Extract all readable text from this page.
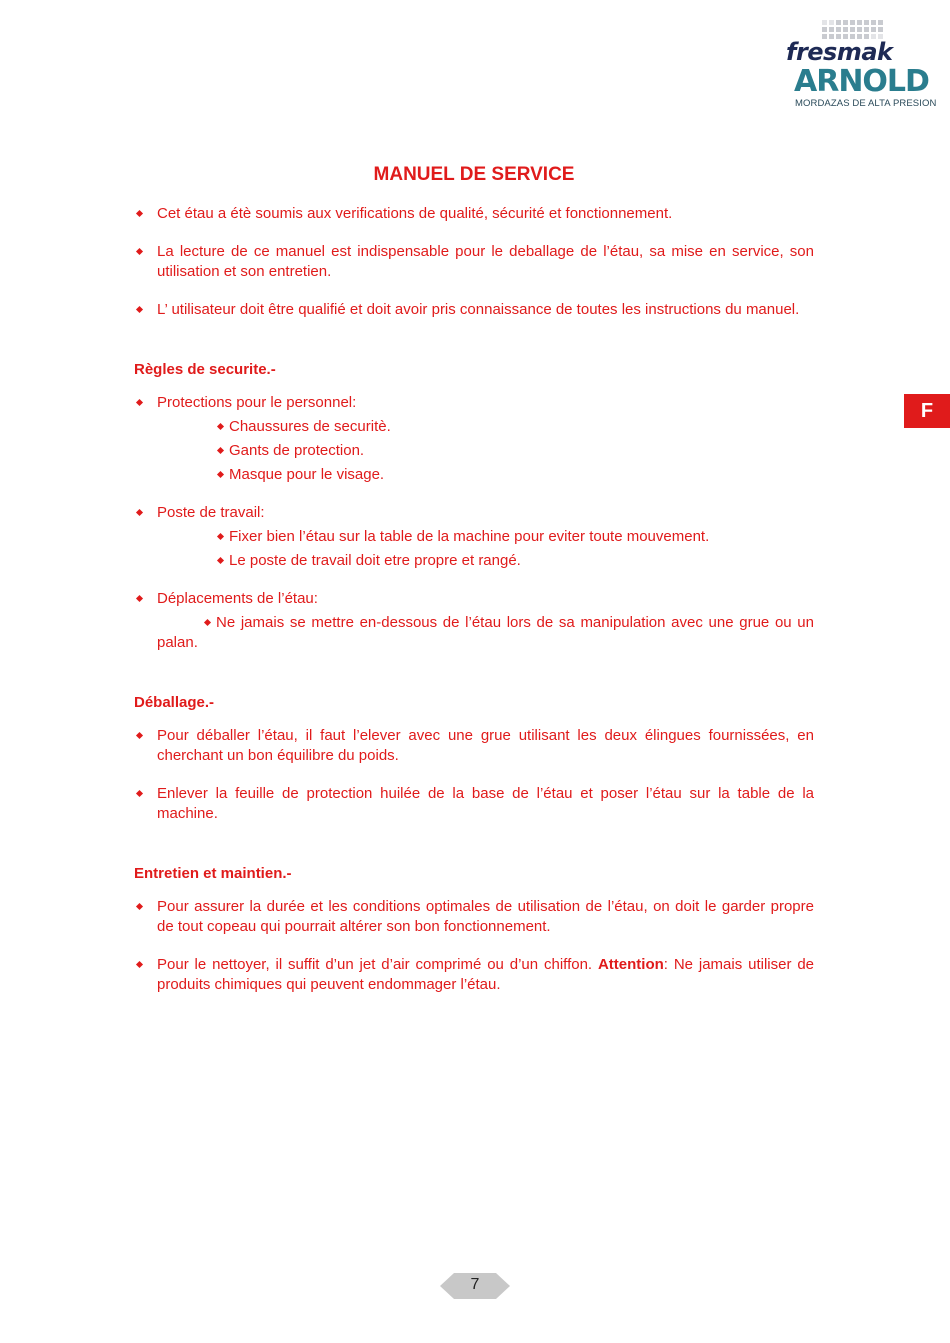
fresmak
ARNOLD
MORDAZAS DE ALTA PRESION
F
MANUEL DE SERVICE
Cet étau a étè soumis aux verifications de qualité, sécurité et fonctionnement.
La lecture de ce manuel est indispensable pour le deballage de l’étau, sa mise en service, son utilisation et son entretien.
L’ utilisateur doit être qualifié et doit avoir pris connaissance de toutes les instructions du manuel.
Règles de securite.-
Protections pour le personnel:
Chaussures de securitè.
Gants de protection.
Masque pour le visage.
Poste de travail:
Fixer bien l’étau sur la table de la machine pour eviter toute mouvement.
Le poste de travail doit etre propre et rangé.
Déplacements de l’étau:
Ne jamais se mettre en-dessous de l’étau lors de sa manipulation avec une grue ou un palan.
Déballage.-
Pour déballer l’étau, il faut l’elever avec une grue utilisant les deux élingues fournissées, en cherchant un bon équilibre du poids.
Enlever la feuille de protection huilée de la base de l’étau et poser l’étau sur la table de la machine.
Entretien et maintien.-
Pour assurer la durée et les conditions optimales de utilisation de l’étau, on doit le garder propre de tout copeau qui pourrait altérer son bon fonctionnement.
Pour le nettoyer, il suffit d’un jet d’air comprimé ou d’un chiffon. Attention: Ne jamais utiliser de produits chimiques qui peuvent endommager l’étau.
7
